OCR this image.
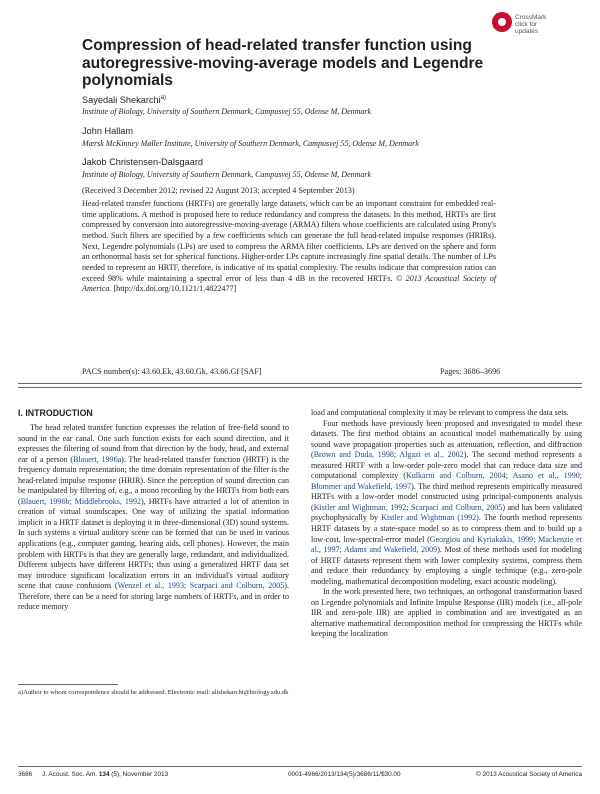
CrossMark
click for updates
Compression of head-related transfer function using autoregressive-moving-average models and Legendre polynomials
Sayedali Shekarchi$^{a)}$
Institute of Biology, University of Southern Denmark, Campusvej 55, Odense M, Denmark
John Hallam
Mærsk McKinney Møller Institute, University of Southern Denmark, Campusvej 55, Odense M, Denmark
Jakob Christensen-Dalsgaard
Institute of Biology, University of Southern Denmark, Campusvej 55, Odense M, Denmark
(Received 3 December 2012; revised 22 August 2013; accepted 4 September 2013)
Head-related transfer functions (HRTFs) are generally large datasets, which can be an important constraint for embedded real-time applications. A method is proposed here to reduce redundancy and compress the datasets. In this method, HRTFs are first compressed by conversion into autoregressive-moving-average (ARMA) filters whose coefficients are calculated using Prony's method. Such filters are specified by a few coefficients which can generate the full head-related impulse responses (HRIRs). Next, Legendre polynomials (LPs) are used to compress the ARMA filter coefficients. LPs are derived on the sphere and form an orthonormal basis set for spherical functions. Higher-order LPs capture increasingly fine spatial details. The number of LPs needed to represent an HRTF, therefore, is indicative of its spatial complexity. The results indicate that compression ratios can exceed 98% while maintaining a spectral error of less than 4 dB in the recovered HRTFs. © 2013 Acoustical Society of America. [http://dx.doi.org/10.1121/1.4822477]
PACS number(s): 43.60.Ek, 43.60.Gk, 43.66.Gf [SAF]	Pages: 3686–3696
I. INTRODUCTION

The head related transfer function expresses the relation of free-field sound to sound in the ear canal. One such function exists for each sound direction, and it expresses the filtering of sound from that direction by the body, head, and external ear of a person (Blauert, 1996a). The head-related transfer function (HRTF) is the frequency domain representation; the time domain representation of the filter is the head-related impulse response (HRIR). Since the perception of sound direction can be manipulated by filtering of, e.g., a mono recording by the HRTFs from both ears (Blauert, 1996b; Middlebrooks, 1992), HRTFs have attracted a lot of attention in creation of virtual soundscapes. One way of utilizing the spatial information implicit in a HRTF dataset is deploying it in three-dimensional (3D) sound systems. In such systems a virtual auditory scene can be formed that can be used in various applications (e.g., computer gaming, hearing aids, cell phones). However, the main problem with HRTFs is that they are generally large, redundant, and individualized. Different subjects have different HRTFs; thus using a generalized HRTF data set may introduce significant localization errors in an individual's virtual auditory scene that cause confusions (Wenzel et al., 1993; Scarpaci and Colburn, 2005). Therefore, there can be a need for storing large numbers of HRTFs, and in order to reduce memory

load and computational complexity it may be relevant to compress the data sets.

Four methods have previously been proposed and investigated to model these datasets. The first method obtains an acoustical model mathematically by using sound wave propagation properties such as attenuation, reflection, and diffraction (Brown and Duda, 1998; Algazi et al., 2002). The second method represents a measured HRTF with a low-order pole-zero model that can reduce data size and computational complexity (Kulkarni and Colburn, 2004; Asano et al., 1990; Blommer and Wakefield, 1997). The third method represents empirically measured HRTFs with a low-order model constructed using principal-components analysis (Kistler and Wightman, 1992; Scarpaci and Colburn, 2005) and has been validated psychophysically by Kistler and Wightman (1992). The fourth method represents HRTF datasets by a state-space model so as to compress them and to build up a low-cost, low-spectral-error model (Georgiou and Kyriakakis, 1999; Mackenzie et al., 1997; Adams and Wakefield, 2009). Most of these methods used for modeling of HRTF datasets represent them with lower complexity systems, compress them and reduce their redundancy by employing a single technique (e.g., zero-pole modeling, mathematical decomposition modeling, exact acoustic modeling).

In the work presented here, two techniques, an orthogonal transformation based on Legendre polynomials and Infinite Impulse Response (IIR) models (i.e., all-pole IIR and zero-pole IIR) are applied in combination and are investigated as an alternative mathematical decomposition method for compressing the HRTFs while keeping the localization

a)Author to whom correspondence should be addressed. Electronic mail: alishekarchi@biology.sdu.dk
3686 J. Acoust. Soc. Am. 134 (5), November 2013	0001-4966/2013/134(5)/3686/11/$30.00	© 2013 Acoustical Society of America
